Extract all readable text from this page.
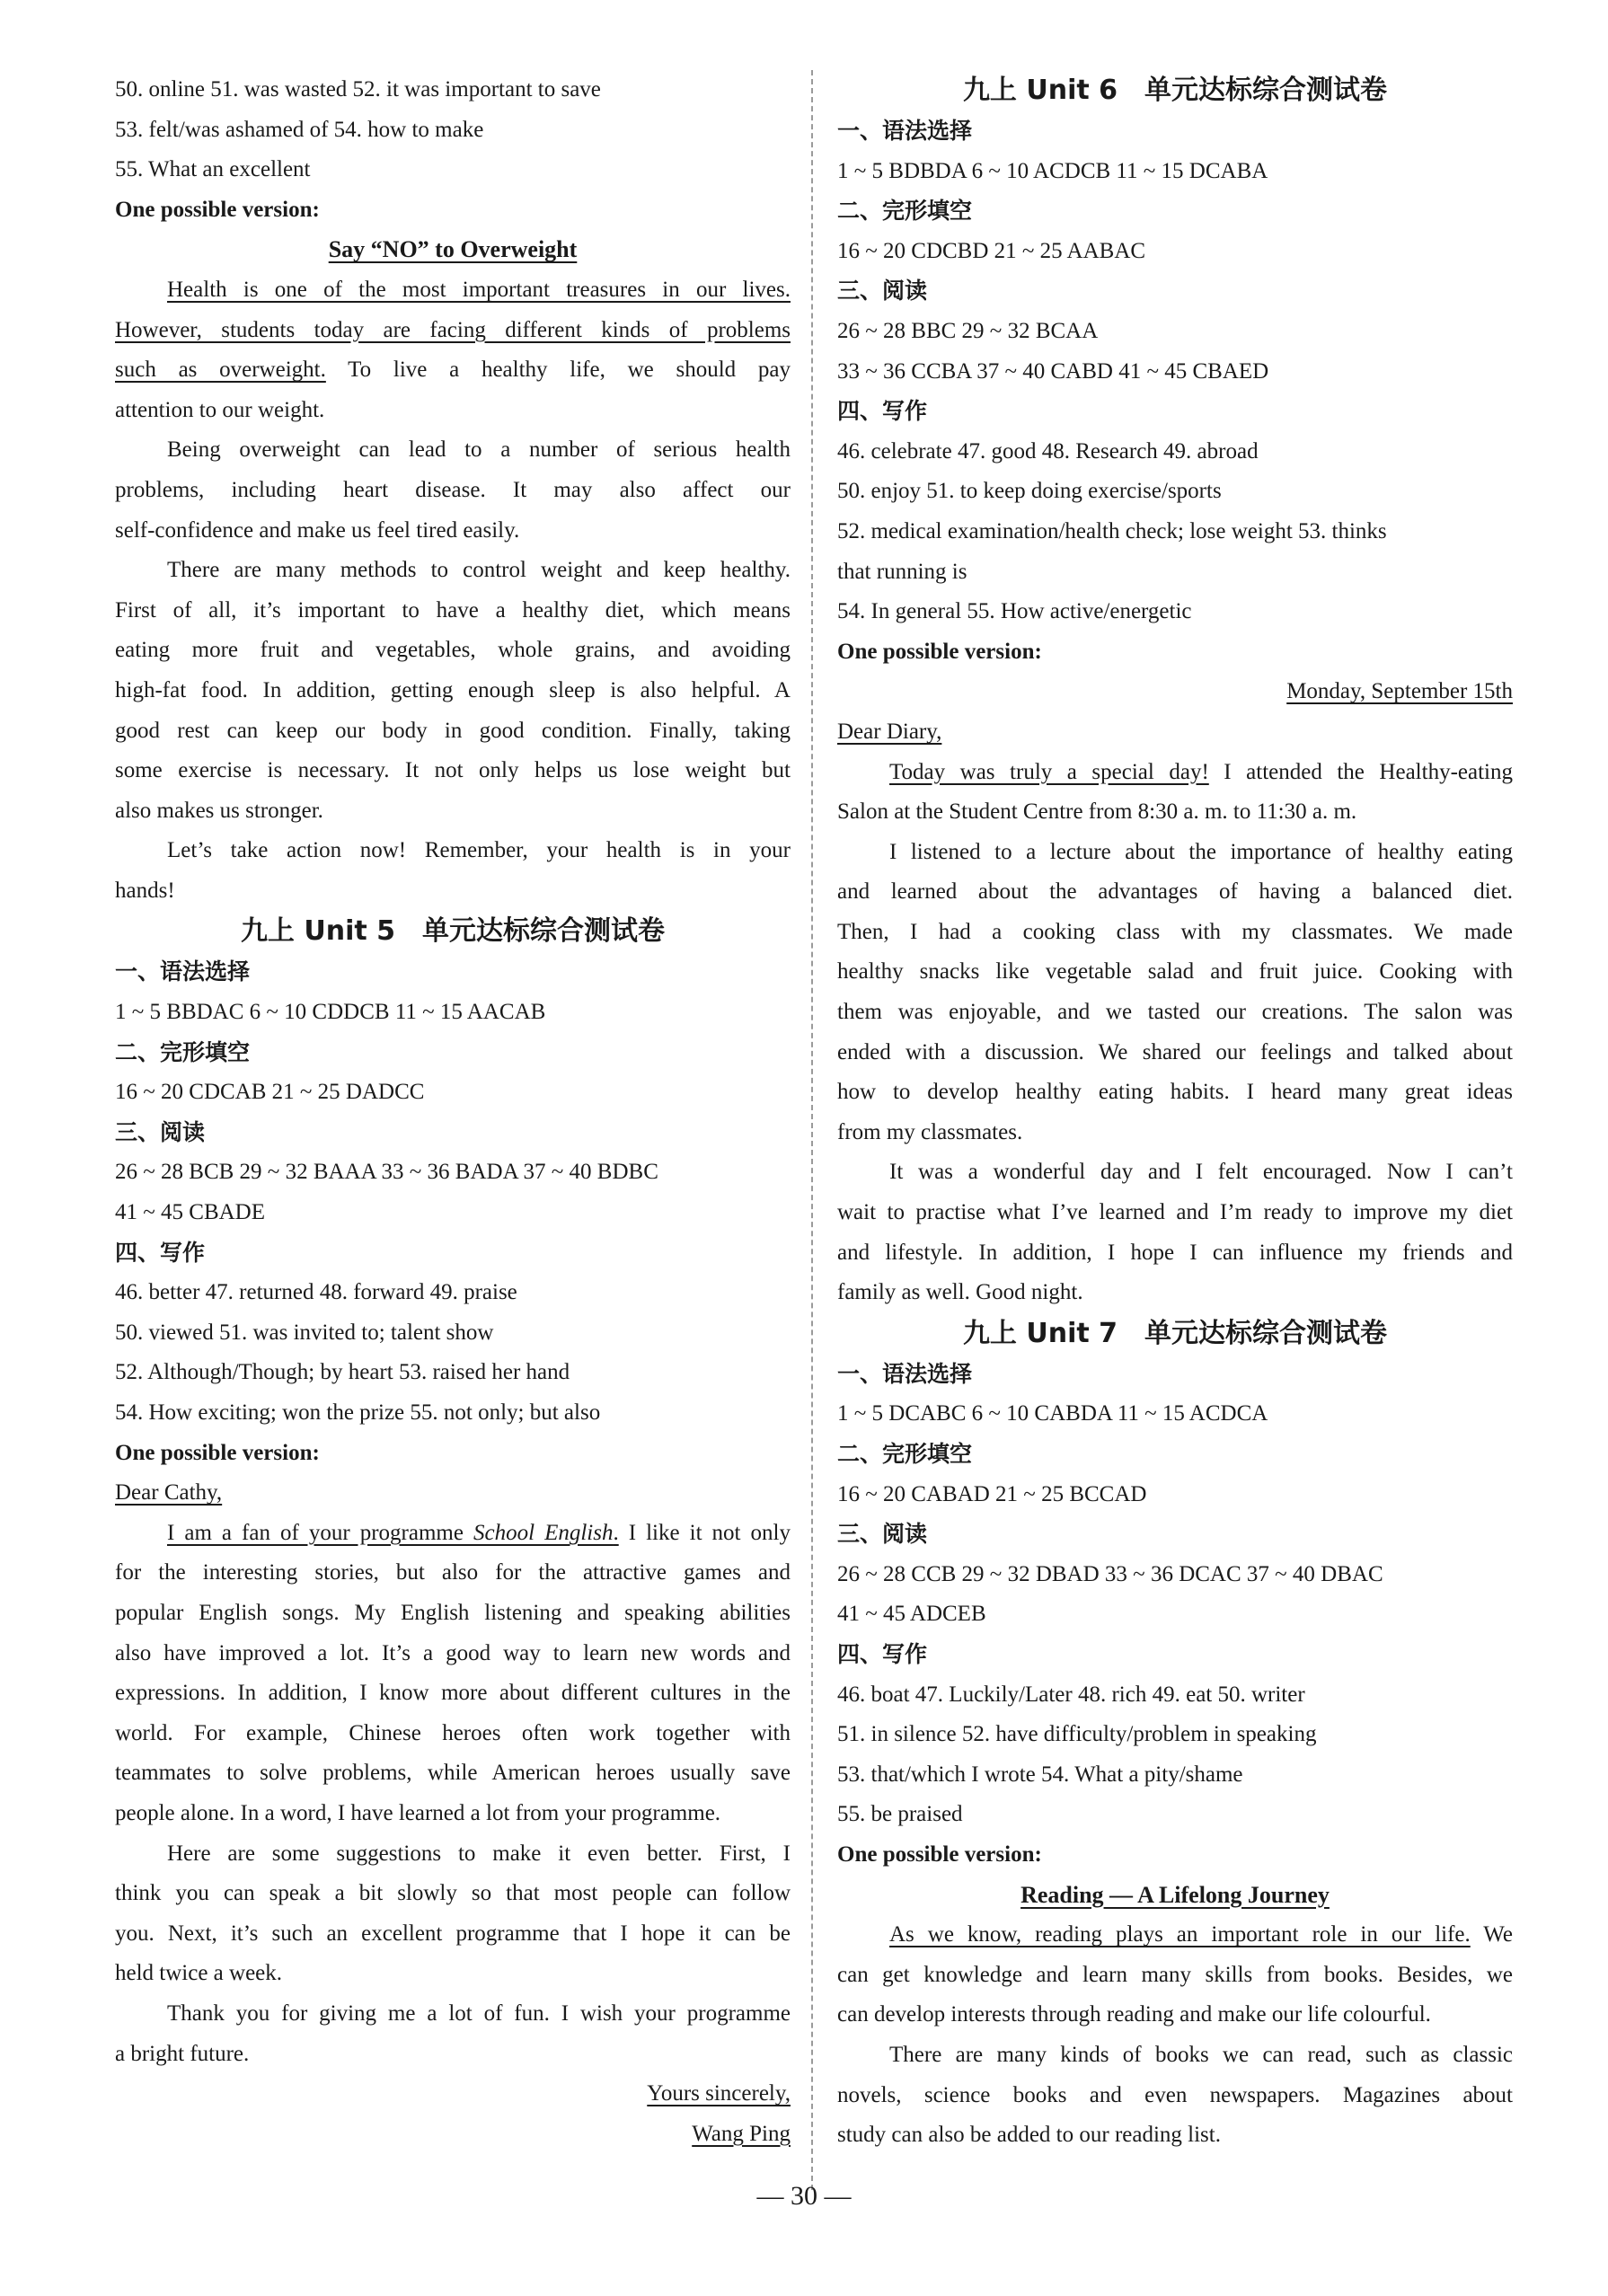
50. online 51. was wasted 52. it was important to save
53. felt/was ashamed of 54. how to make
55. What an excellent
One possible version:
Say “NO” to Overweight
Health is one of the most important treasures in our lives.
However, students today are facing different kinds of problems
such as overweight. To live a healthy life, we should pay
attention to our weight.
Being overweight can lead to a number of serious health
problems, including heart disease. It may also affect our
self-confidence and make us feel tired easily.
There are many methods to control weight and keep healthy.
First of all, it’s important to have a healthy diet, which means
eating more fruit and vegetables, whole grains, and avoiding
high-fat food. In addition, getting enough sleep is also helpful. A
good rest can keep our body in good condition. Finally, taking
some exercise is necessary. It not only helps us lose weight but
also makes us stronger.
Let’s take action now! Remember, your health is in your
hands!
九上 Unit 5　单元达标综合测试卷
一、语法选择
1 ~ 5 BBDAC 6 ~ 10 CDDCB 11 ~ 15 AACAB
二、完形填空
16 ~ 20 CDCAB 21 ~ 25 DADCC
三、阅读
26 ~ 28 BCB 29 ~ 32 BAAA 33 ~ 36 BADA 37 ~ 40 BDBC
41 ~ 45 CBADE
四、写作
46. better 47. returned 48. forward 49. praise
50. viewed 51. was invited to; talent show
52. Although/Though; by heart 53. raised her hand
54. How exciting; won the prize 55. not only; but also
One possible version:
Dear Cathy,
I am a fan of your programme School English. I like it not only
for the interesting stories, but also for the attractive games and
popular English songs. My English listening and speaking abilities
also have improved a lot. It’s a good way to learn new words and
expressions. In addition, I know more about different cultures in the
world. For example, Chinese heroes often work together with
teammates to solve problems, while American heroes usually save
people alone. In a word, I have learned a lot from your programme.
Here are some suggestions to make it even better. First, I
think you can speak a bit slowly so that most people can follow
you. Next, it’s such an excellent programme that I hope it can be
held twice a week.
Thank you for giving me a lot of fun. I wish your programme
a bright future.
Yours sincerely,
Wang Ping
九上 Unit 6　单元达标综合测试卷
一、语法选择
1 ~ 5 BDBDA 6 ~ 10 ACDCB 11 ~ 15 DCABA
二、完形填空
16 ~ 20 CDCBD 21 ~ 25 AABAC
三、阅读
26 ~ 28 BBC 29 ~ 32 BCAA
33 ~ 36 CCBA 37 ~ 40 CABD 41 ~ 45 CBAED
四、写作
46. celebrate 47. good 48. Research 49. abroad
50. enjoy 51. to keep doing exercise/sports
52. medical examination/health check; lose weight 53. thinks
that running is
54. In general 55. How active/energetic
One possible version:
Monday, September 15th
Dear Diary,
Today was truly a special day! I attended the Healthy-eating
Salon at the Student Centre from 8:30 a. m. to 11:30 a. m.
I listened to a lecture about the importance of healthy eating
and learned about the advantages of having a balanced diet.
Then, I had a cooking class with my classmates. We made
healthy snacks like vegetable salad and fruit juice. Cooking with
them was enjoyable, and we tasted our creations. The salon was
ended with a discussion. We shared our feelings and talked about
how to develop healthy eating habits. I heard many great ideas
from my classmates.
It was a wonderful day and I felt encouraged. Now I can’t
wait to practise what I’ve learned and I’m ready to improve my diet
and lifestyle. In addition, I hope I can influence my friends and
family as well. Good night.
九上 Unit 7　单元达标综合测试卷
一、语法选择
1 ~ 5 DCABC 6 ~ 10 CABDA 11 ~ 15 ACDCA
二、完形填空
16 ~ 20 CABAD 21 ~ 25 BCCAD
三、阅读
26 ~ 28 CCB 29 ~ 32 DBAD 33 ~ 36 DCAC 37 ~ 40 DBAC
41 ~ 45 ADCEB
四、写作
46. boat 47. Luckily/Later 48. rich 49. eat 50. writer
51. in silence 52. have difficulty/problem in speaking
53. that/which I wrote 54. What a pity/shame
55. be praised
One possible version:
Reading — A Lifelong Journey
As we know, reading plays an important role in our life. We
can get knowledge and learn many skills from books. Besides, we
can develop interests through reading and make our life colourful.
There are many kinds of books we can read, such as classic
novels, science books and even newspapers. Magazines about
study can also be added to our reading list.
— 30 —
